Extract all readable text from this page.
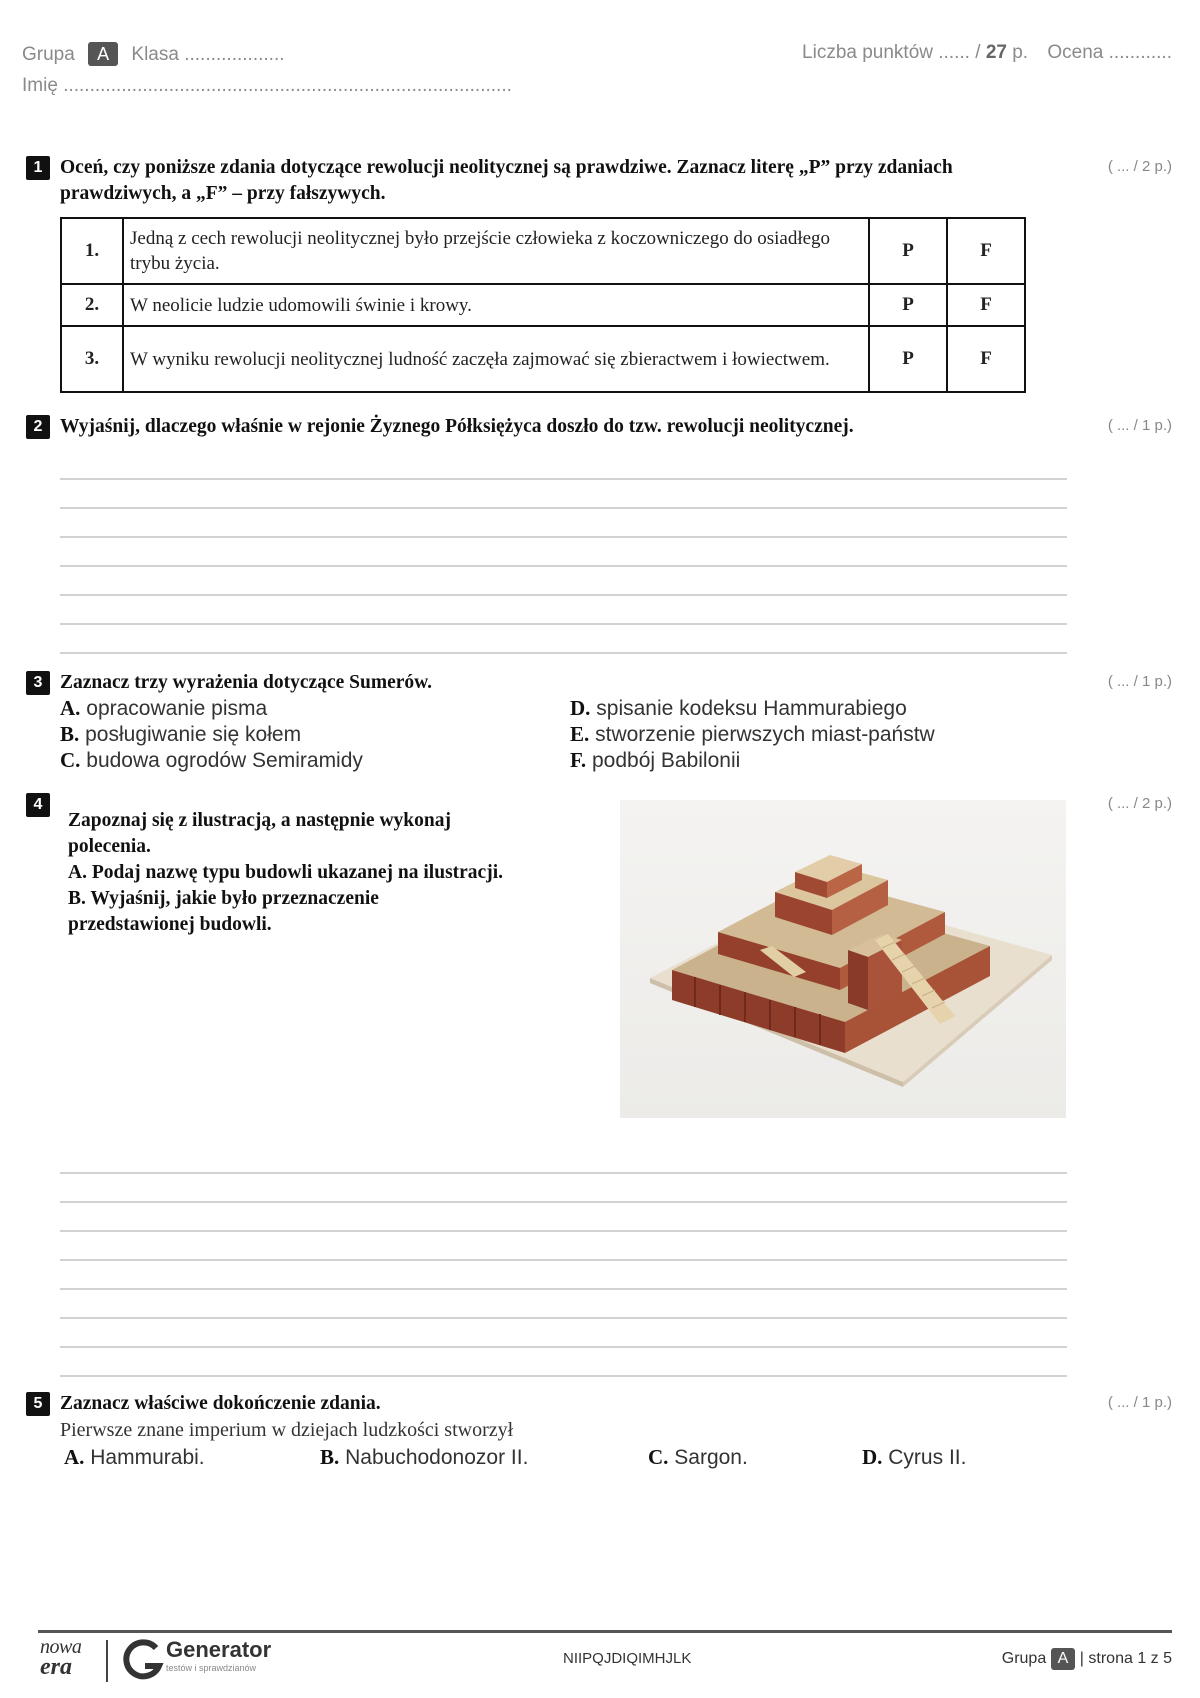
Grupa A Klasa ...................
Imię .....................................................................................
Liczba punktów ...... / 27 p. Ocena ............
1 Oceń, czy poniższe zdania dotyczące rewolucji neolitycznej są prawdziwe. Zaznacz literę „P” przy zdaniach prawdziwych, a „F” – przy fałszywych.
( ... / 2 p.)
1.	Jedną z cech rewolucji neolitycznej było przejście człowieka z koczowniczego do osiadłego trybu życia.	P	F
2.	W neolicie ludzie udomowili świnie i krowy.	P	F
3.	W wyniku rewolucji neolitycznej ludność zaczęła zajmować się zbieractwem i łowiectwem.	P	F
2 Wyjaśnij, dlaczego właśnie w rejonie Żyznego Półksiężyca doszło do tzw. rewolucji neolitycznej.	( ... / 1 p.)
3 Zaznacz trzy wyrażenia dotyczące Sumerów.	( ... / 1 p.)
A. opracowanie pisma
B. posługiwanie się kołem
C. budowa ogrodów Semiramidy
D. spisanie kodeksu Hammurabiego
E. stworzenie pierwszych miast-państw
F. podbój Babilonii
4
Zapoznaj się z ilustracją, a następnie wykonaj
polecenia.
A. Podaj nazwę typu budowli ukazanej na ilustracji.
B. Wyjaśnij, jakie było przeznaczenie
przedstawionej budowli.
( ... / 2 p.)
5 Zaznacz właściwe dokończenie zdania.	( ... / 1 p.)
Pierwsze znane imperium w dziejach ludzkości stworzył
A. Hammurabi.	B. Nabuchodonozor II.	C. Sargon.	D. Cyrus II.
nowa
era
Generator
testów i sprawdzianów
NIIPQJDIQIMHJLK	Grupa A | strona 1 z 5
